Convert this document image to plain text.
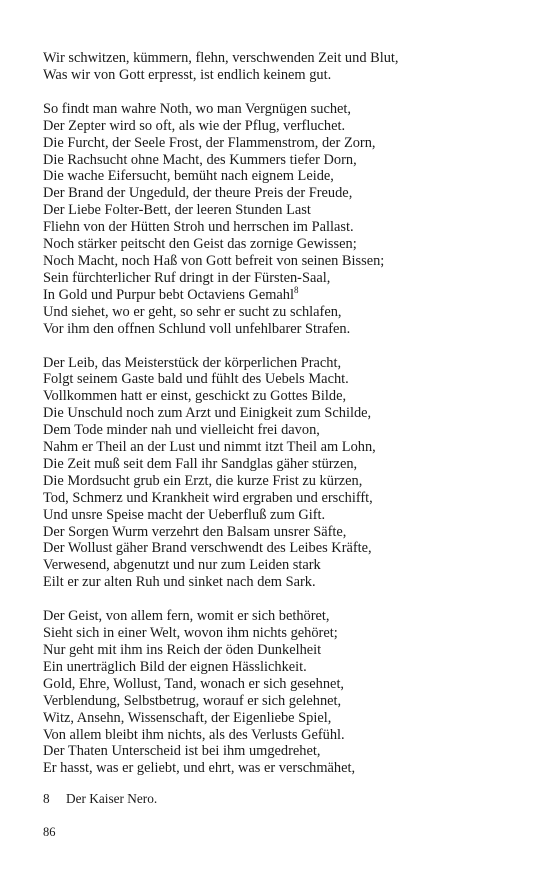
Wir schwitzen, kümmern, flehn, verschwenden Zeit und Blut,
Was wir von Gott erpresst, ist endlich keinem gut.
So findt man wahre Noth, wo man Vergnügen suchet,
Der Zepter wird so oft, als wie der Pflug, verfluchet.
Die Furcht, der Seele Frost, der Flammenstrom, der Zorn,
Die Rachsucht ohne Macht, des Kummers tiefer Dorn,
Die wache Eifersucht, bemüht nach eignem Leide,
Der Brand der Ungeduld, der theure Preis der Freude,
Der Liebe Folter-Bett, der leeren Stunden Last
Fliehn von der Hütten Stroh und herrschen im Pallast.
Noch stärker peitscht den Geist das zornige Gewissen;
Noch Macht, noch Haß von Gott befreit von seinen Bissen;
Sein fürchterlicher Ruf dringt in der Fürsten-Saal,
In Gold und Purpur bebt Octaviens Gemahl$^8$
Und siehet, wo er geht, so sehr er sucht zu schlafen,
Vor ihm den offnen Schlund voll unfehlbarer Strafen.
Der Leib, das Meisterstück der körperlichen Pracht,
Folgt seinem Gaste bald und fühlt des Uebels Macht.
Vollkommen hatt er einst, geschickt zu Gottes Bilde,
Die Unschuld noch zum Arzt und Einigkeit zum Schilde,
Dem Tode minder nah und vielleicht frei davon,
Nahm er Theil an der Lust und nimmt itzt Theil am Lohn,
Die Zeit muß seit dem Fall ihr Sandglas gäher stürzen,
Die Mordsucht grub ein Erzt, die kurze Frist zu kürzen,
Tod, Schmerz und Krankheit wird ergraben und erschifft,
Und unsre Speise macht der Ueberfluß zum Gift.
Der Sorgen Wurm verzehrt den Balsam unsrer Säfte,
Der Wollust gäher Brand verschwendt des Leibes Kräfte,
Verwesend, abgenutzt und nur zum Leiden stark
Eilt er zur alten Ruh und sinket nach dem Sark.
Der Geist, von allem fern, womit er sich bethöret,
Sieht sich in einer Welt, wovon ihm nichts gehöret;
Nur geht mit ihm ins Reich der öden Dunkelheit
Ein unerträglich Bild der eignen Hässlichkeit.
Gold, Ehre, Wollust, Tand, wonach er sich gesehnet,
Verblendung, Selbstbetrug, worauf er sich gelehnet,
Witz, Ansehn, Wissenschaft, der Eigenliebe Spiel,
Von allem bleibt ihm nichts, als des Verlusts Gefühl.
Der Thaten Unterscheid ist bei ihm umgedrehet,
Er hasst, was er geliebt, und ehrt, was er verschmähet,
8 Der Kaiser Nero.
86
